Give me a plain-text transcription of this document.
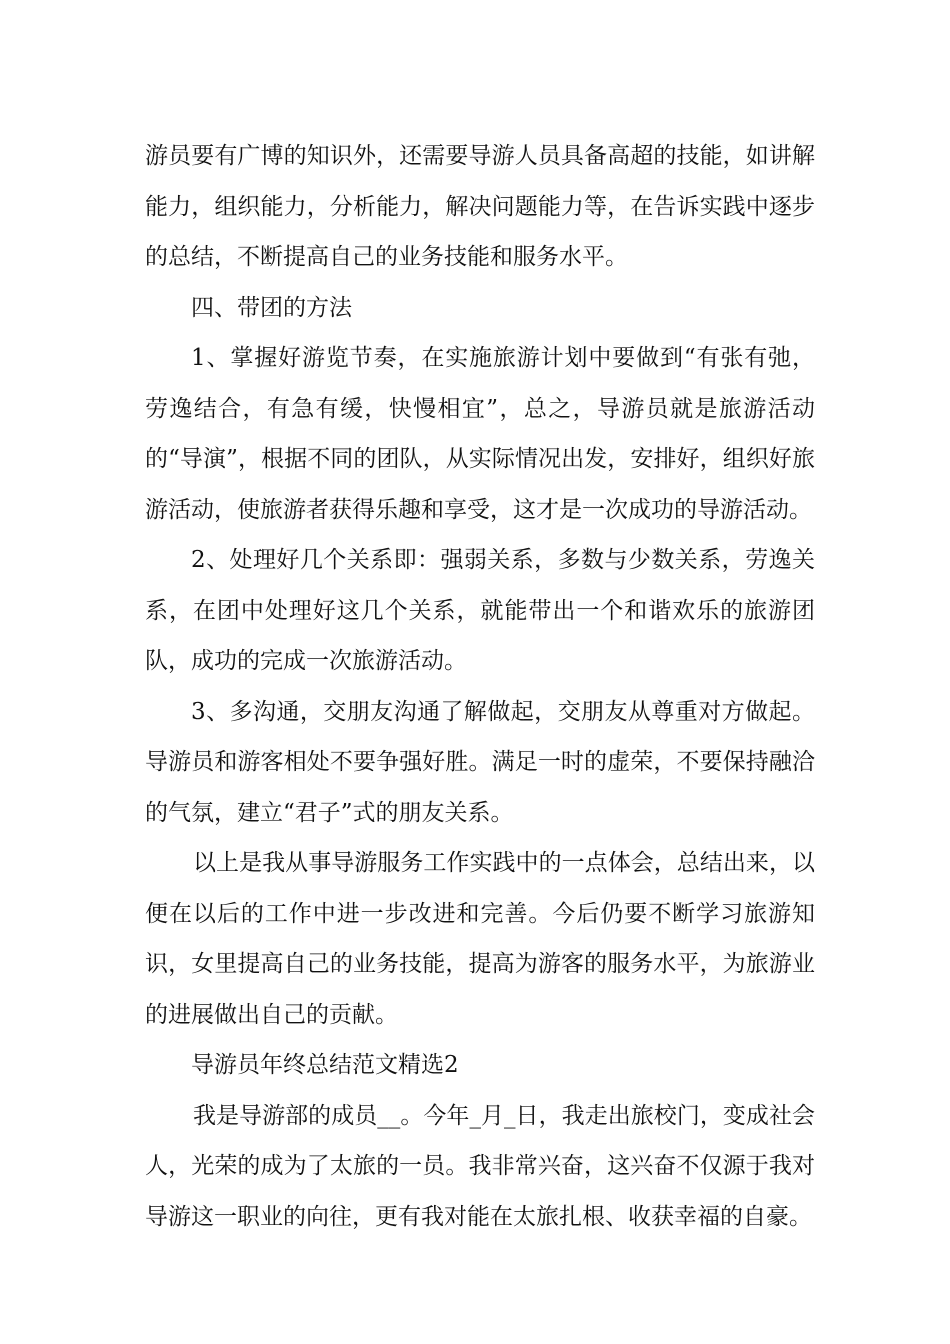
游员要有广博的知识外，还需要导游人员具备高超的技能，如讲解能力，组织能力，分析能力，解决问题能力等，在告诉实践中逐步的总结，不断提高自己的业务技能和服务水平。

四、带团的方法

1、掌握好游览节奏，在实施旅游计划中要做到“有张有弛，劳逸结合，有急有缓，快慢相宜”，总之，导游员就是旅游活动的“导演”，根据不同的团队，从实际情况出发，安排好，组织好旅游活动，使旅游者获得乐趣和享受，这才是一次成功的导游活动。

2、处理好几个关系即：强弱关系，多数与少数关系，劳逸关系，在团中处理好这几个关系，就能带出一个和谐欢乐的旅游团队，成功的完成一次旅游活动。

3、多沟通，交朋友沟通了解做起，交朋友从尊重对方做起。导游员和游客相处不要争强好胜。满足一时的虚荣，不要保持融洽的气氛，建立“君子”式的朋友关系。

以上是我从事导游服务工作实践中的一点体会，总结出来，以便在以后的工作中进一步改进和完善。今后仍要不断学习旅游知识，女里提高自己的业务技能，提高为游客的服务水平，为旅游业的进展做出自己的贡献。

导游员年终总结范文精选2

我是导游部的成员__。今年_月_日，我走出旅校门，变成社会人，光荣的成为了太旅的一员。我非常兴奋，这兴奋不仅源于我对导游这一职业的向往，更有我对能在太旅扎根、收获幸福的自豪。
